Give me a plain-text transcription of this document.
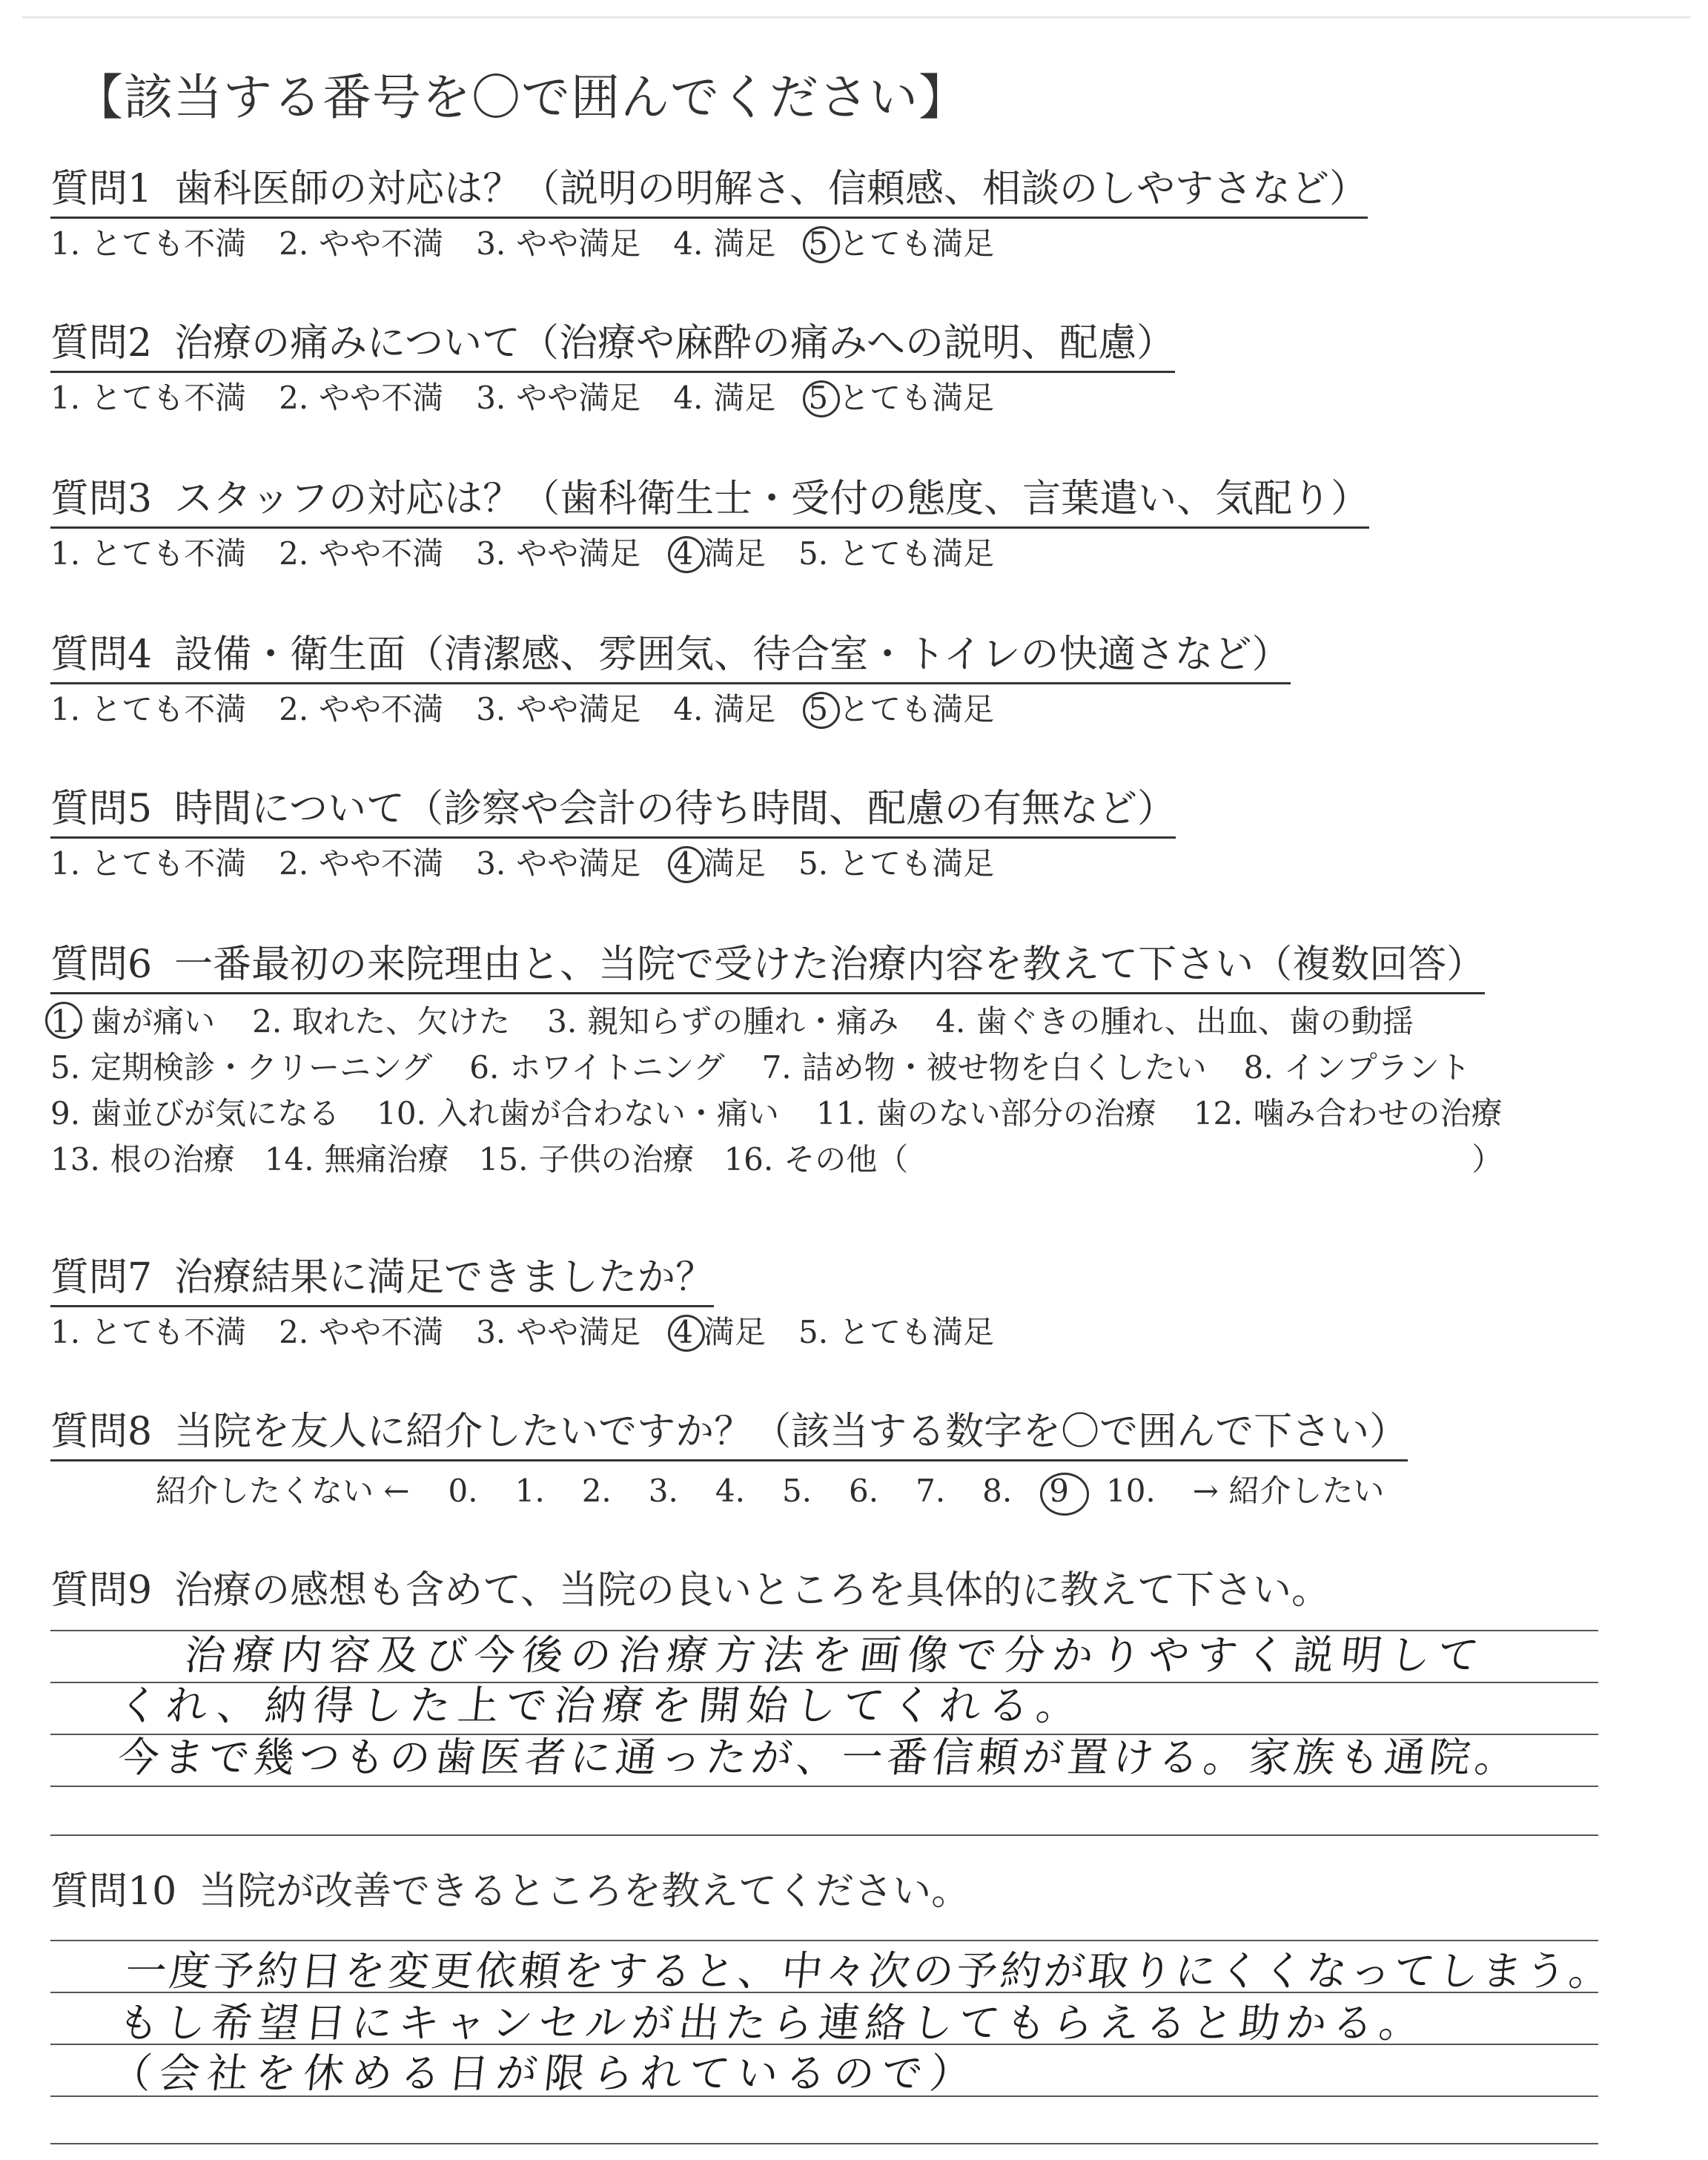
【該当する番号を〇で囲んでください】
質問1 歯科医師の対応は？（説明の明解さ、信頼感、相談のしやすさなど）
1. とても不満 2. やや不満 3. やや満足 4. 満足 5 とても満足
質問2 治療の痛みについて（治療や麻酔の痛みへの説明、配慮）
1. とても不満 2. やや不満 3. やや満足 4. 満足 5 とても満足
質問3 スタッフの対応は？（歯科衛生士・受付の態度、言葉遣い、気配り）
1. とても不満 2. やや不満 3. やや満足 4 満足 5. とても満足
質問4 設備・衛生面（清潔感、雰囲気、待合室・トイレの快適さなど）
1. とても不満 2. やや不満 3. やや満足 4. 満足 5 とても満足
質問5 時間について（診察や会計の待ち時間、配慮の有無など）
1. とても不満 2. やや不満 3. やや満足 4 満足 5. とても満足
質問6 一番最初の来院理由と、当院で受けた治療内容を教えて下さい（複数回答）
1. 歯が痛い 2. 取れた、欠けた 3. 親知らずの腫れ・痛み 4. 歯ぐきの腫れ、出血、歯の動揺
5. 定期検診・クリーニング 6. ホワイトニング 7. 詰め物・被せ物を白くしたい 8. インプラント
9. 歯並びが気になる 10. 入れ歯が合わない・痛い 11. 歯のない部分の治療 12. 噛み合わせの治療
13. 根の治療 14. 無痛治療 15. 子供の治療 16. その他（	）
質問7 治療結果に満足できましたか？
1. とても不満 2. やや不満 3. やや満足 4 満足 5. とても満足
質問8 当院を友人に紹介したいですか？（該当する数字を〇で囲んで下さい）
紹介したくない ← 0. 1. 2. 3. 4. 5. 6. 7. 8. 9 10. → 紹介したい
質問9 治療の感想も含めて、当院の良いところを具体的に教えて下さい。
治療内容及び今後の治療方法を画像で分かりやすく説明して
くれ、納得した上で治療を開始してくれる。
今まで幾つもの歯医者に通ったが、一番信頼が置ける。家族も通院。
質問10 当院が改善できるところを教えてください。
一度予約日を変更依頼をすると、中々次の予約が取りにくくなってしまう。
もし希望日にキャンセルが出たら連絡してもらえると助かる。
（会社を休める日が限られているので）
